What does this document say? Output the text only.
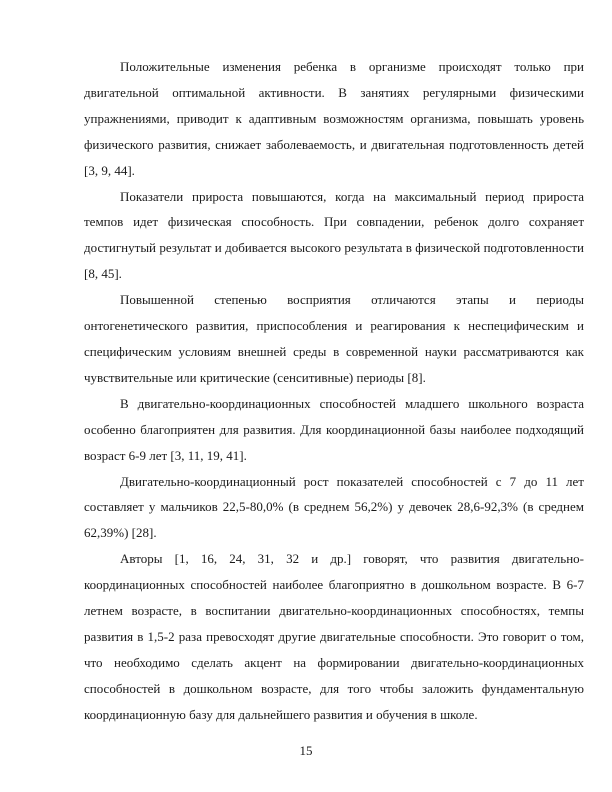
Положительные изменения ребенка в организме происходят только при двигательной оптимальной активности. В занятиях регулярными физическими упражнениями, приводит к адаптивным возможностям организма, повышать уровень физического развития, снижает заболеваемость, и двигательная подготовленность детей [3, 9, 44].

Показатели прироста повышаются, когда на максимальный период прироста темпов идет физическая способность. При совпадении, ребенок долго сохраняет достигнутый результат и добивается высокого результата в физической подготовленности [8, 45].

Повышенной степенью восприятия отличаются этапы и периоды онтогенетического развития, приспособления и реагирования к неспецифическим и специфическим условиям внешней среды в современной науки рассматриваются как чувствительные или критические (сенситивные) периоды [8].

В двигательно-координационных способностей младшего школьного возраста особенно благоприятен для развития. Для координационной базы наиболее подходящий возраст 6-9 лет [3, 11, 19, 41].

Двигательно-координационный рост показателей способностей с 7 до 11 лет составляет у мальчиков 22,5-80,0% (в среднем 56,2%) у девочек 28,6-92,3% (в среднем 62,39%) [28].

Авторы [1, 16, 24, 31, 32 и др.] говорят, что развития двигательно-координационных способностей наиболее благоприятно в дошкольном возрасте. В 6-7 летнем возрасте, в воспитании двигательно-координационных способностях, темпы развития в 1,5-2 раза превосходят другие двигательные способности. Это говорит о том, что необходимо сделать акцент на формировании двигательно-координационных способностей в дошкольном возрасте, для того чтобы заложить фундаментальную координационную базу для дальнейшего развития и обучения в школе.

15
